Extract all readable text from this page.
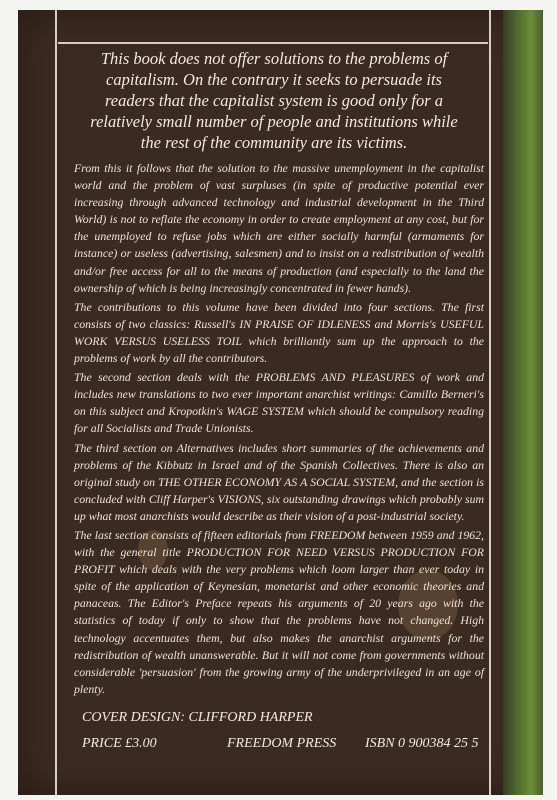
This book does not offer solutions to the problems of capitalism. On the contrary it seeks to persuade its readers that the capitalist system is good only for a relatively small number of people and institutions while the rest of the community are its victims.

From this it follows that the solution to the massive unemployment in the capitalist world and the problem of vast surpluses (in spite of productive potential ever increasing through advanced technology and industrial development in the Third World) is not to reflate the economy in order to create employment at any cost, but for the unemployed to refuse jobs which are either socially harmful (armaments for instance) or useless (advertising, salesmen) and to insist on a redistribution of wealth and/or free access for all to the means of production (and especially to the land the ownership of which is being increasingly concentrated in fewer hands).

The contributions to this volume have been divided into four sections. The first consists of two classics: Russell's IN PRAISE OF IDLENESS and Morris's USEFUL WORK VERSUS USELESS TOIL which brilliantly sum up the approach to the problems of work by all the contributors.

The second section deals with the PROBLEMS AND PLEASURES of work and includes new translations to two ever important anarchist writings: Camillo Berneri's on this subject and Kropotkin's WAGE SYSTEM which should be compulsory reading for all Socialists and Trade Unionists.

The third section on Alternatives includes short summaries of the achievements and problems of the Kibbutz in Israel and of the Spanish Collectives. There is also an original study on THE OTHER ECONOMY AS A SOCIAL SYSTEM, and the section is concluded with Cliff Harper's VISIONS, six outstanding drawings which probably sum up what most anarchists would describe as their vision of a post-industrial society.

The last section consists of fifteen editorials from FREEDOM between 1959 and 1962, with the general title PRODUCTION FOR NEED VERSUS PRODUCTION FOR PROFIT which deals with the very problems which loom larger than ever today in spite of the application of Keynesian, monetarist and other economic theories and panaceas. The Editor's Preface repeats his arguments of 20 years ago with the statistics of today if only to show that the problems have not changed. High technology accentuates them, but also makes the anarchist arguments for the redistribution of wealth unanswerable. But it will not come from governments without considerable 'persuasion' from the growing army of the underprivileged in an age of plenty.

COVER DESIGN: CLIFFORD HARPER
PRICE £3.00	FREEDOM PRESS ISBN 0 900384 25 5
